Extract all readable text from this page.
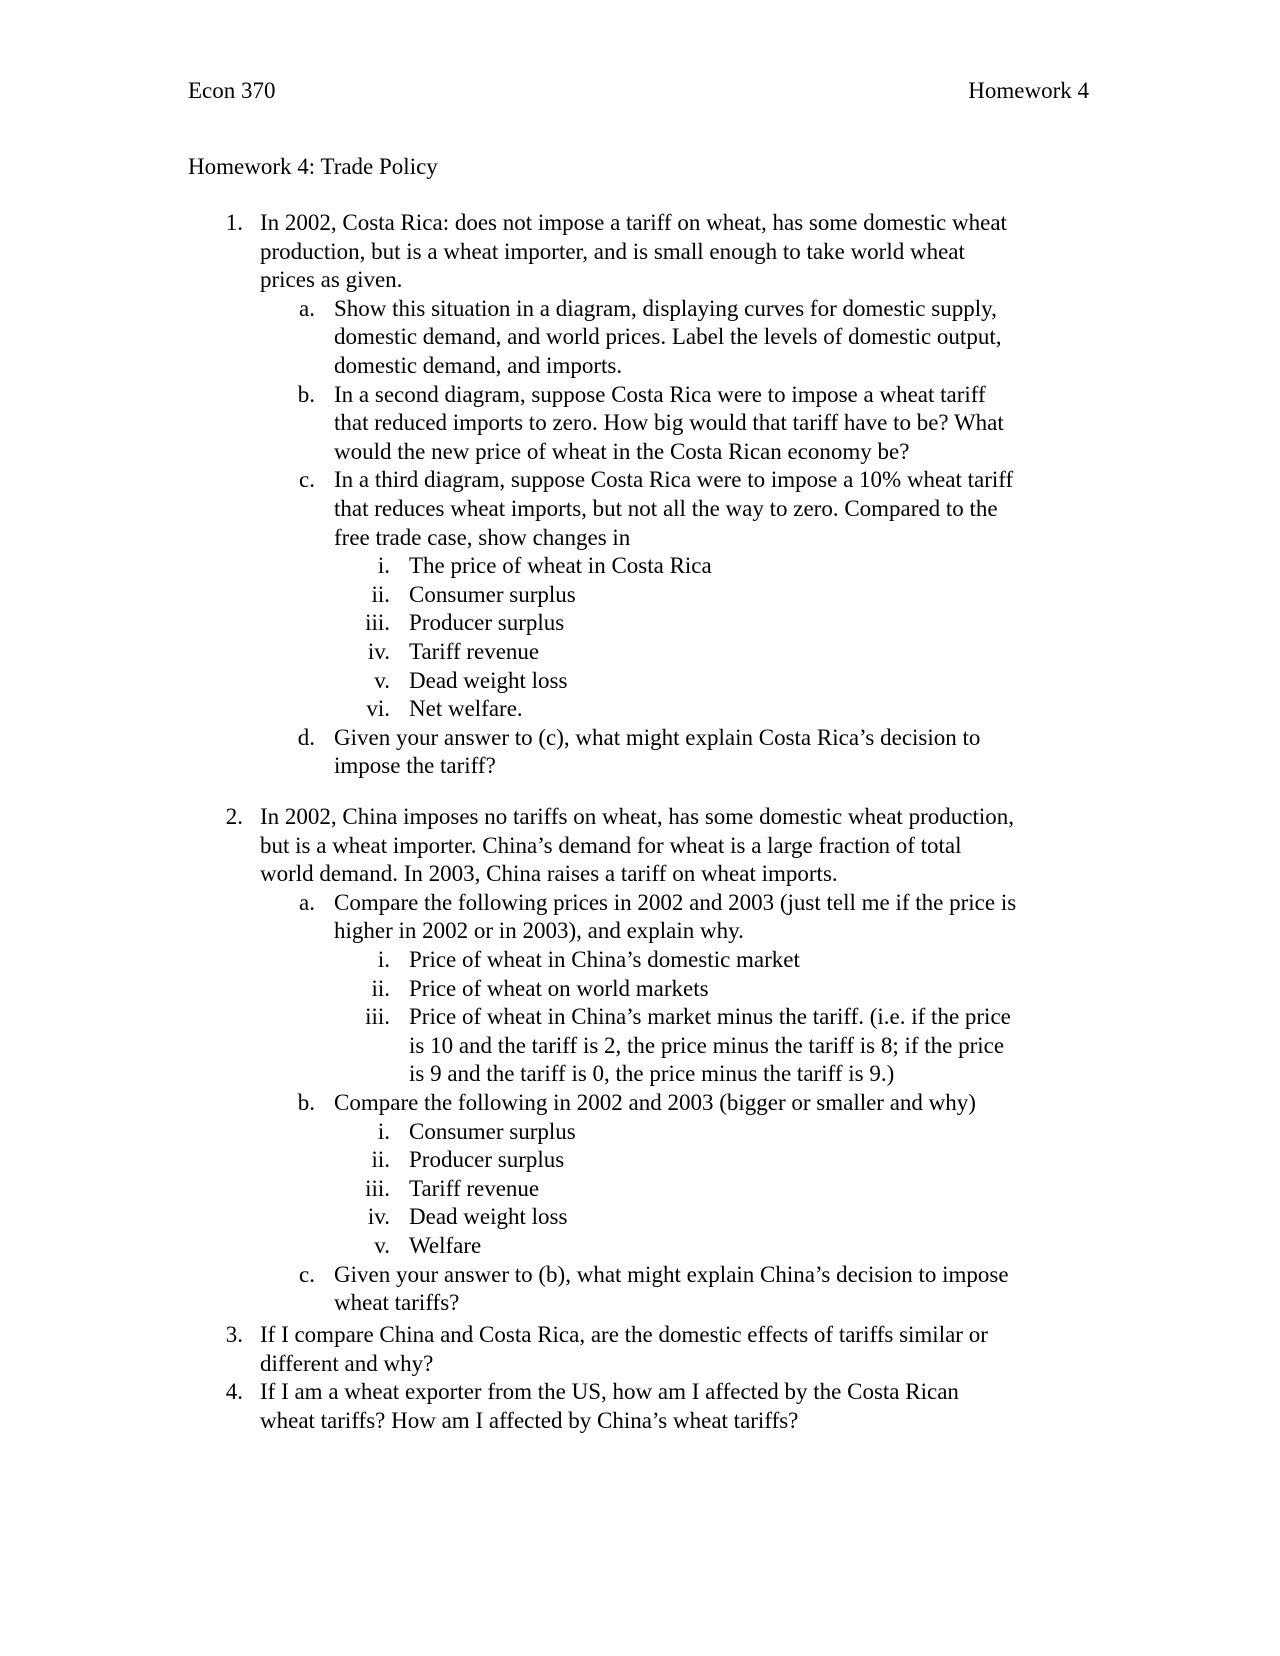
Econ 370	Homework 4
Homework 4: Trade Policy
1. In 2002, Costa Rica: does not impose a tariff on wheat, has some domestic wheat
production, but is a wheat importer, and is small enough to take world wheat
prices as given.
a. Show this situation in a diagram, displaying curves for domestic supply,
domestic demand, and world prices. Label the levels of domestic output,
domestic demand, and imports.
b. In a second diagram, suppose Costa Rica were to impose a wheat tariff
that reduced imports to zero. How big would that tariff have to be? What
would the new price of wheat in the Costa Rican economy be?
c. In a third diagram, suppose Costa Rica were to impose a 10% wheat tariff
that reduces wheat imports, but not all the way to zero. Compared to the
free trade case, show changes in
i. The price of wheat in Costa Rica
ii. Consumer surplus
iii. Producer surplus
iv. Tariff revenue
v. Dead weight loss
vi. Net welfare.
d. Given your answer to (c), what might explain Costa Rica’s decision to
impose the tariff?
2. In 2002, China imposes no tariffs on wheat, has some domestic wheat production,
but is a wheat importer. China’s demand for wheat is a large fraction of total
world demand. In 2003, China raises a tariff on wheat imports.
a. Compare the following prices in 2002 and 2003 (just tell me if the price is
higher in 2002 or in 2003), and explain why.
i. Price of wheat in China’s domestic market
ii. Price of wheat on world markets
iii. Price of wheat in China’s market minus the tariff. (i.e. if the price
is 10 and the tariff is 2, the price minus the tariff is 8; if the price
is 9 and the tariff is 0, the price minus the tariff is 9.)
b. Compare the following in 2002 and 2003 (bigger or smaller and why)
i. Consumer surplus
ii. Producer surplus
iii. Tariff revenue
iv. Dead weight loss
v. Welfare
c. Given your answer to (b), what might explain China’s decision to impose
wheat tariffs?
3. If I compare China and Costa Rica, are the domestic effects of tariffs similar or
different and why?
4. If I am a wheat exporter from the US, how am I affected by the Costa Rican
wheat tariffs? How am I affected by China’s wheat tariffs?
